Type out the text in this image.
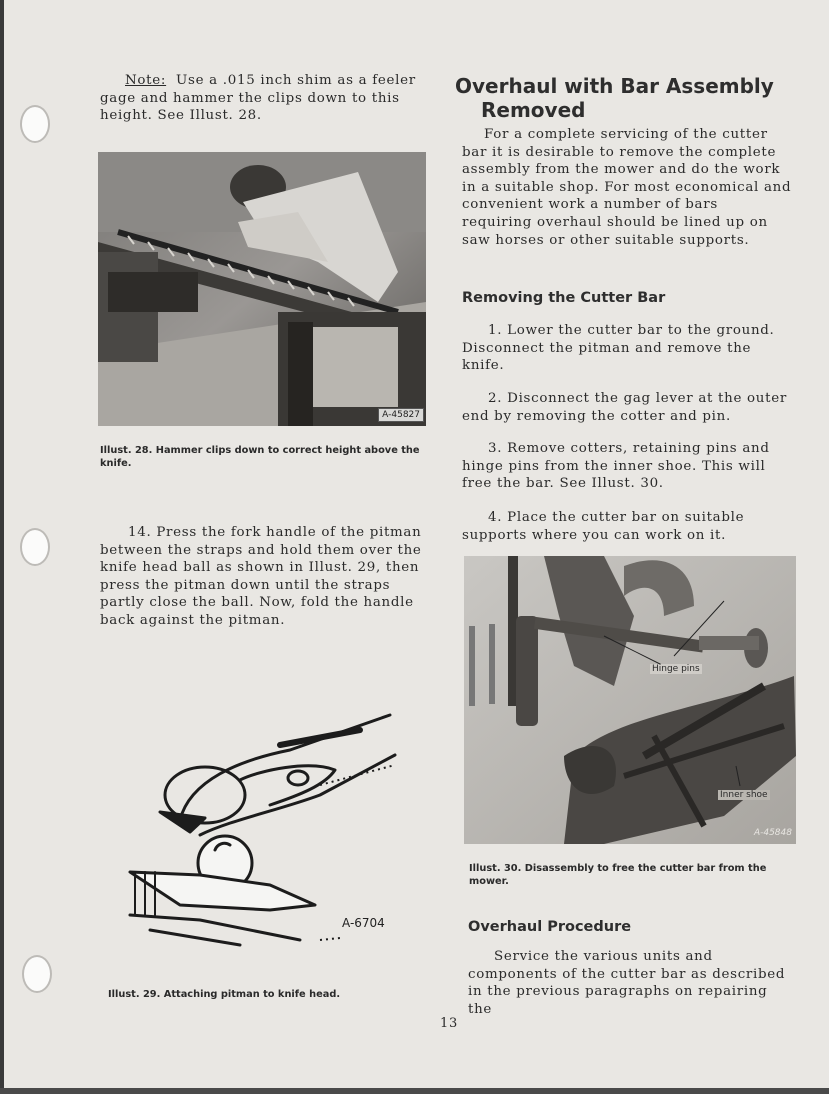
Note: Use a .015 inch shim as a feeler gage and hammer the clips down to this height. See Illust. 28.

A-45827
Illust. 28. Hammer clips down to correct height above the knife.

14. Press the fork handle of the pitman between the straps and hold them over the knife head ball as shown in Illust. 29, then press the pitman down until the straps partly close the ball. Now, fold the handle back against the pitman.

A-6704
Illust. 29. Attaching pitman to knife head.
Overhaul with Bar Assembly
Removed

For a complete servicing of the cutter bar it is desirable to remove the complete assembly from the mower and do the work in a suitable shop. For most economical and convenient work a number of bars requiring overhaul should be lined up on saw horses or other suitable supports.

Removing the Cutter Bar

1. Lower the cutter bar to the ground. Disconnect the pitman and remove the knife.

2. Disconnect the gag lever at the outer end by removing the cotter and pin.

3. Remove cotters, retaining pins and hinge pins from the inner shoe. This will free the bar. See Illust. 30.

4. Place the cutter bar on suitable supports where you can work on it.

Hinge pins
Inner shoe
A-45848
Illust. 30. Disassembly to free the cutter bar from the mower.
Overhaul Procedure

Service the various units and components of the cutter bar as described in the previous paragraphs on repairing the

13
